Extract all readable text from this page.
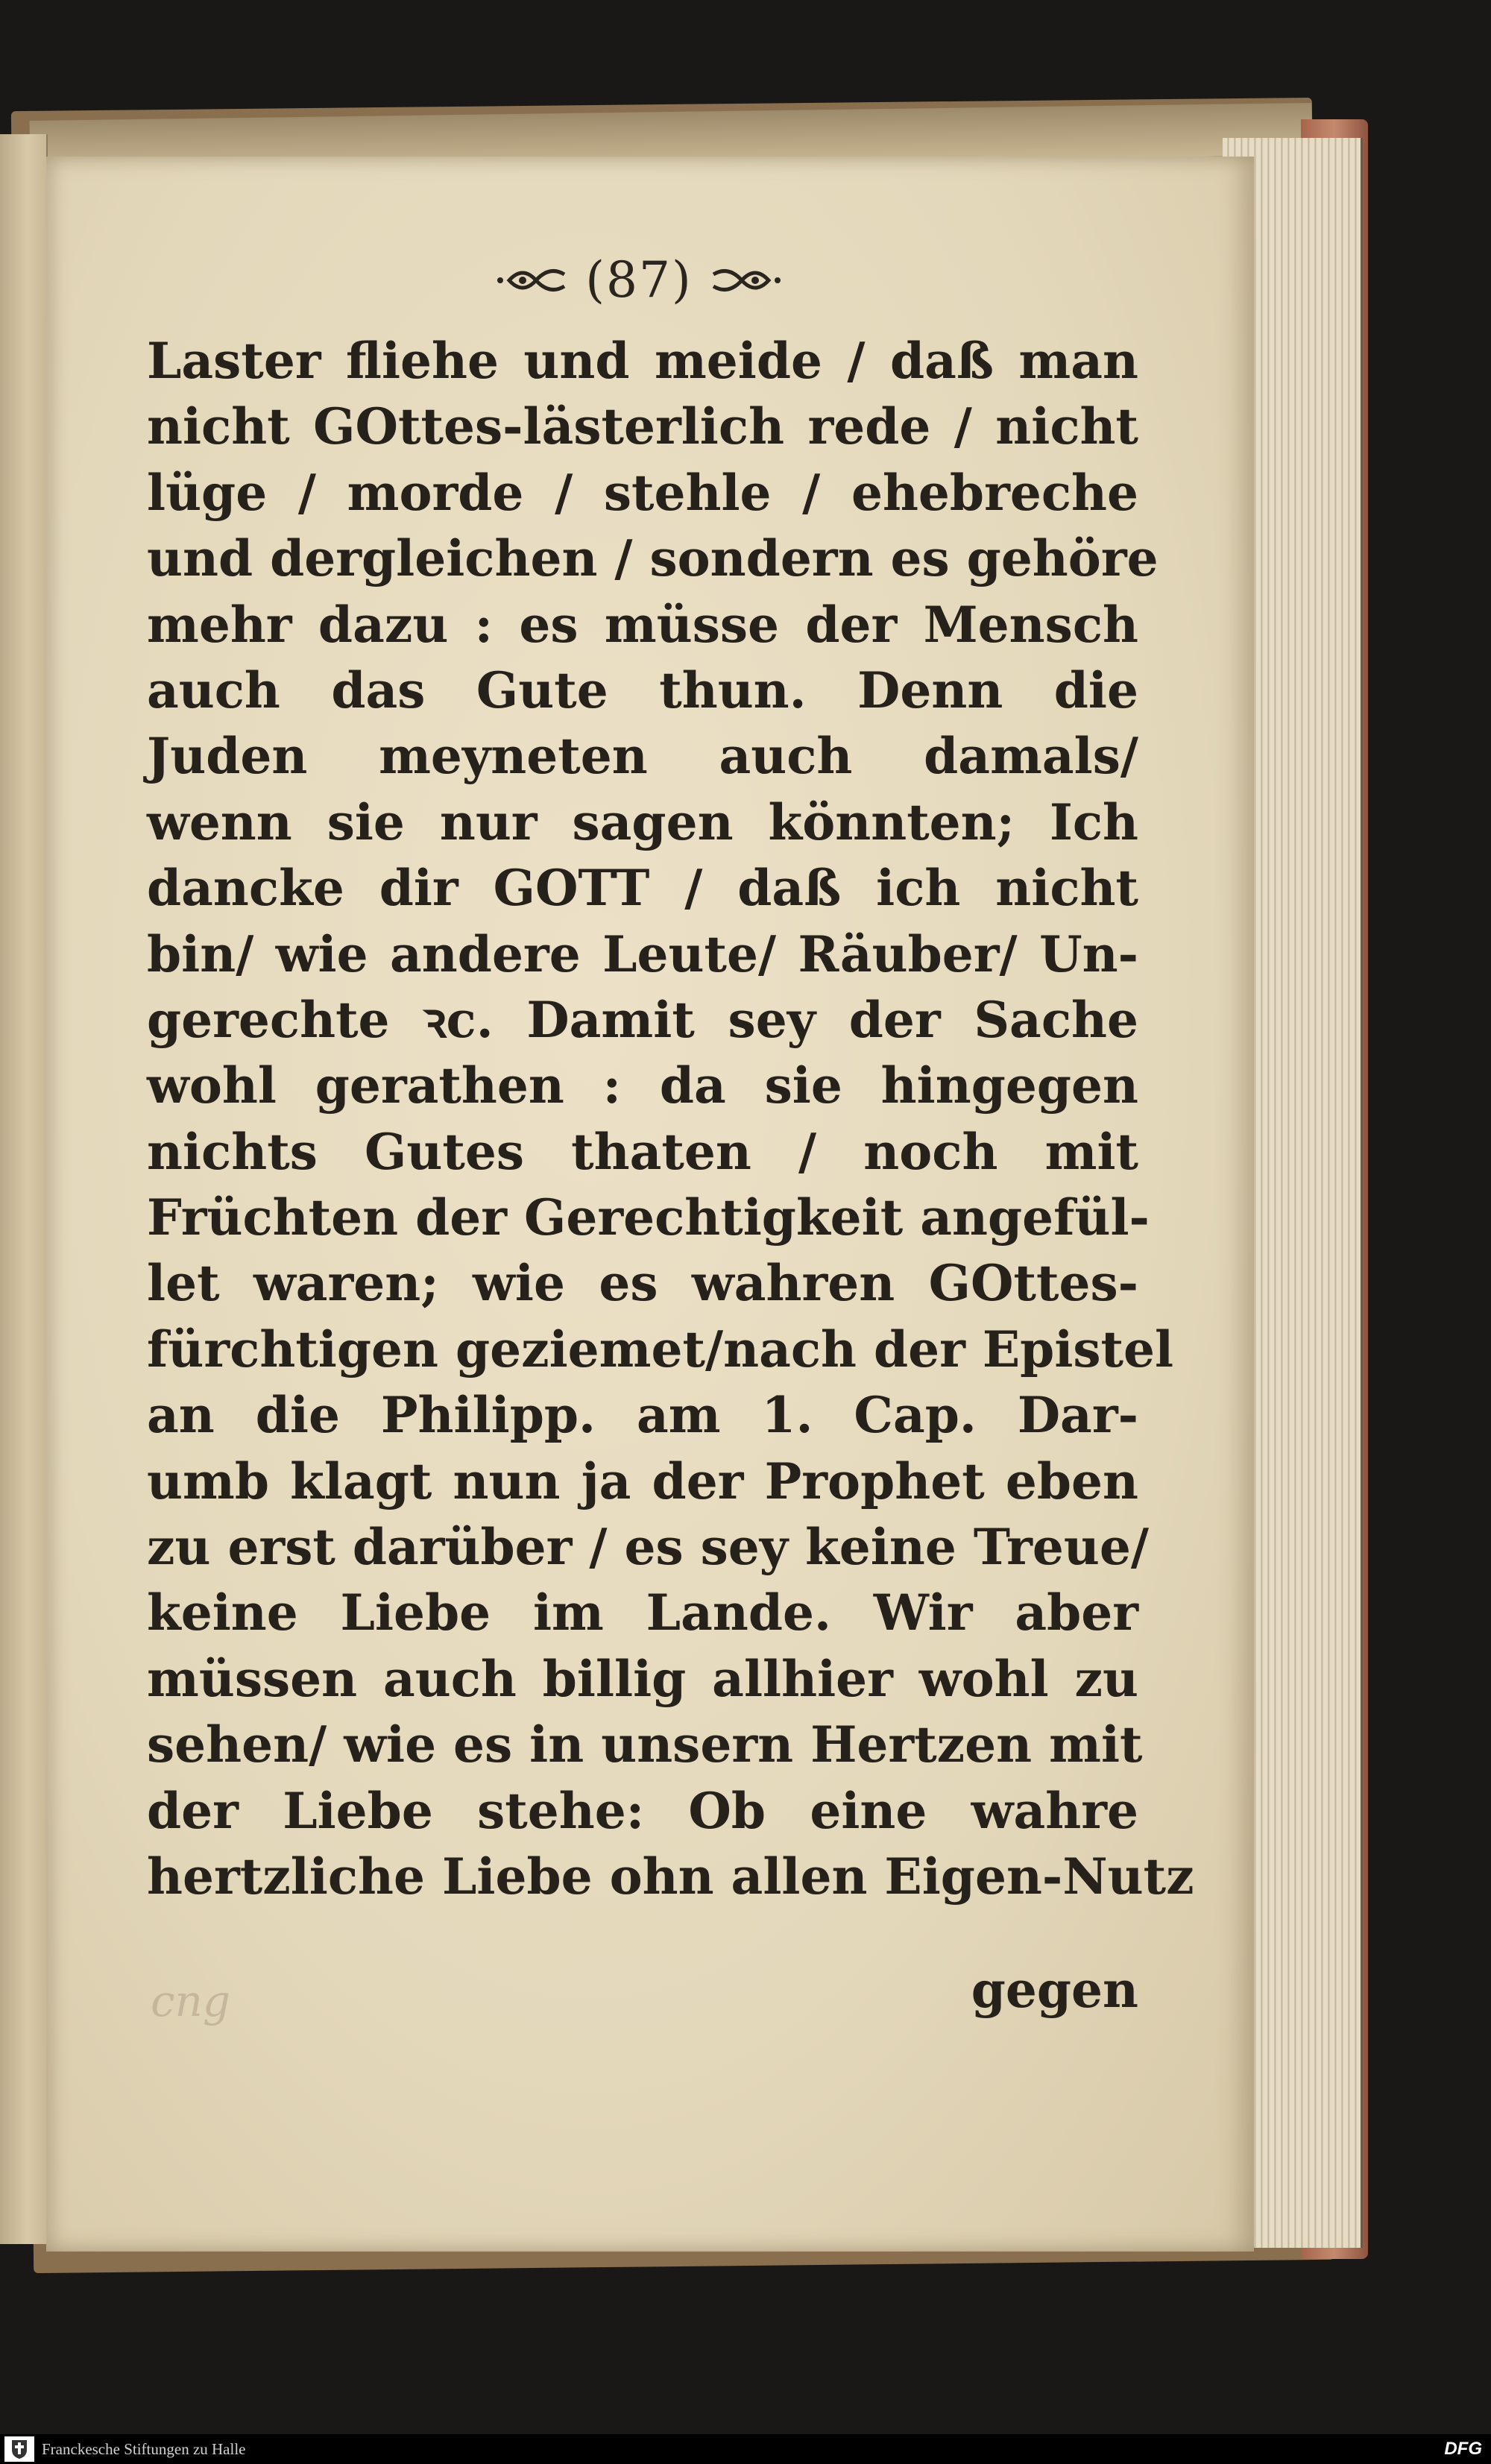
(87)
Laster fliehe und meide / daß man
nicht GOttes-lästerlich rede / nicht
lüge / morde / stehle / ehebreche
und dergleichen / sondern es gehöre
mehr dazu : es müsse der Mensch
auch das Gute thun. Denn die
Juden meyneten auch damals/
wenn sie nur sagen könnten; Ich
dancke dir GOTT / daß ich nicht
bin/ wie andere Leute/ Räuber/ Un-
gerechte ꝛc. Damit sey der Sache
wohl gerathen : da sie hingegen
nichts Gutes thaten / noch mit
Früchten der Gerechtigkeit angefül-
let waren; wie es wahren GOttes-
fürchtigen geziemet/nach der Epistel
an die Philipp. am 1. Cap. Dar-
umb klagt nun ja der Prophet eben
zu erst darüber / es sey keine Treue/
keine Liebe im Lande. Wir aber
müssen auch billig allhier wohl zu
sehen/ wie es in unsern Hertzen mit
der Liebe stehe: Ob eine wahre
hertzliche Liebe ohn allen Eigen-Nutz
cng	gegen
Franckesche Stiftungen zu Halle	DFG
